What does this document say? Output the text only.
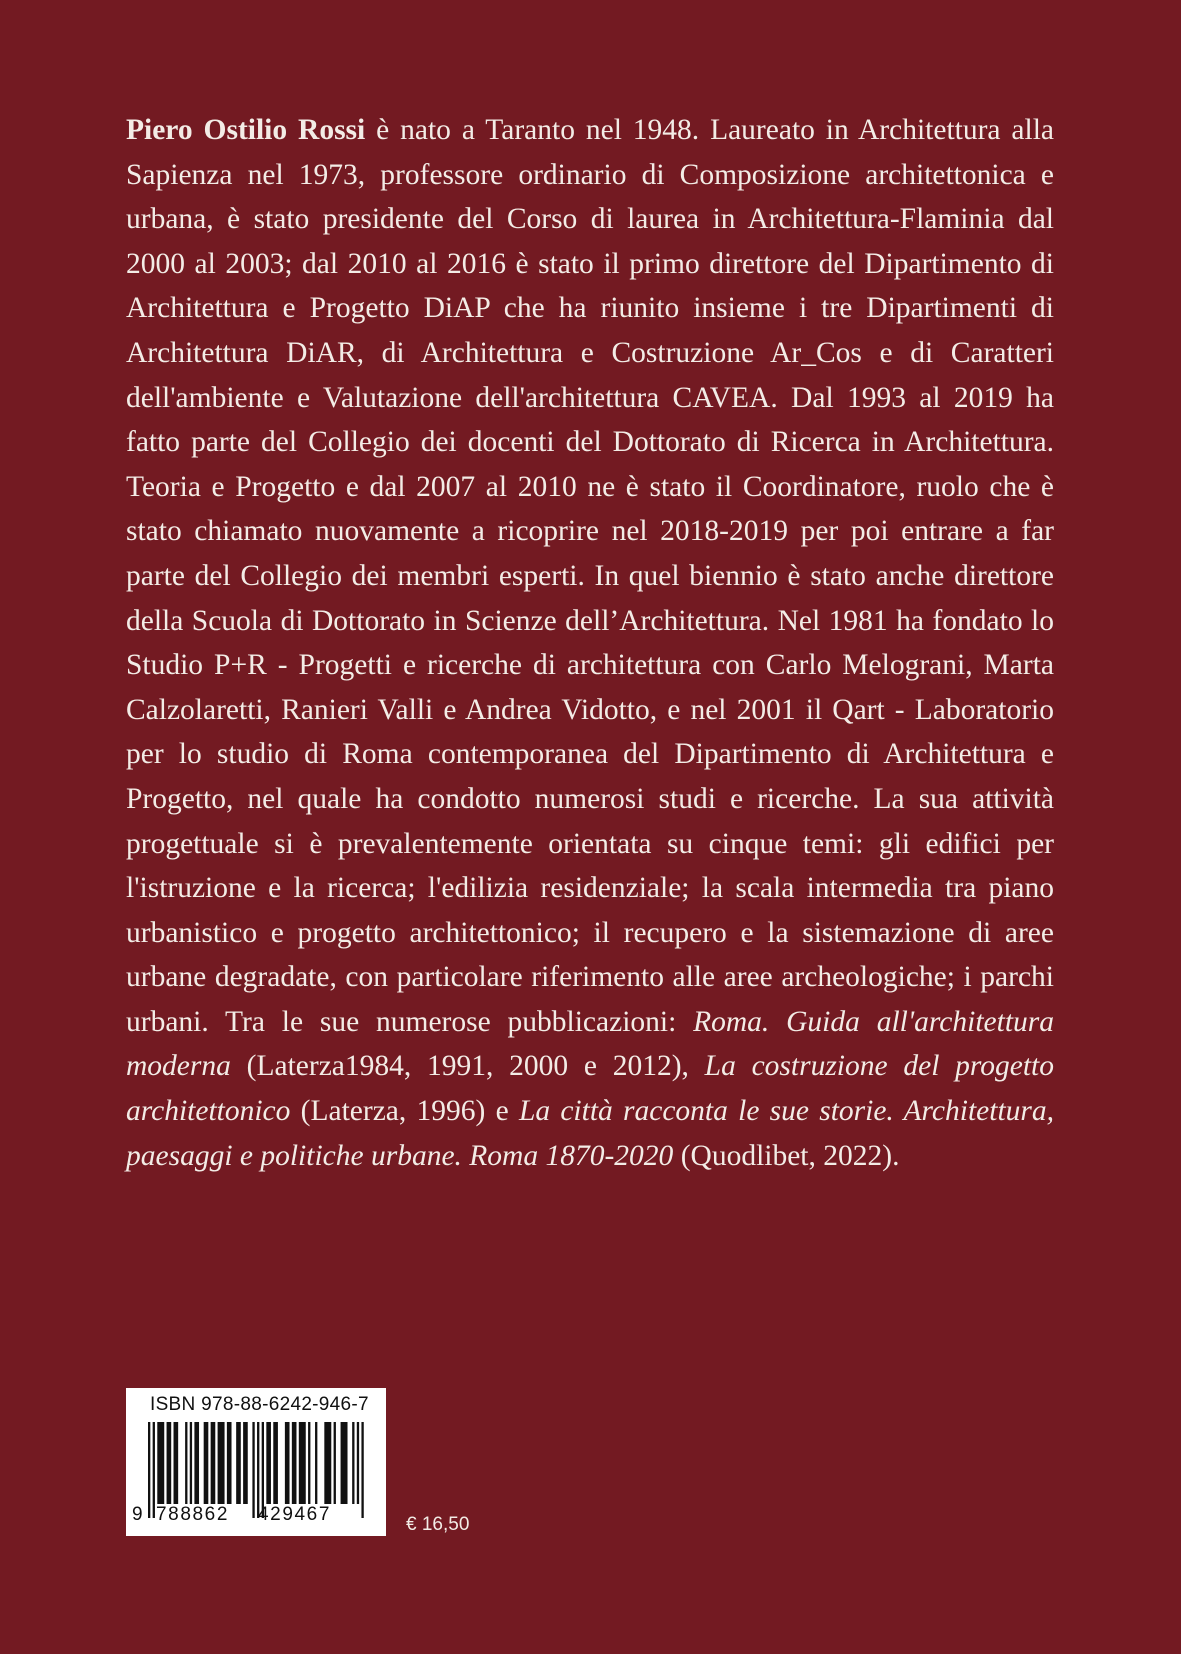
Piero Ostilio Rossi è nato a Taranto nel 1948. Laureato in Architettura alla Sapienza nel 1973, professore ordinario di Composizione architettonica e urbana, è stato presidente del Corso di laurea in Architettura-Flaminia dal 2000 al 2003; dal 2010 al 2016 è stato il primo direttore del Dipartimento di Architettura e Progetto DiAP che ha riunito insieme i tre Dipartimenti di Architettura DiAR, di Architettura e Costruzione Ar_Cos e di Caratteri dell'ambiente e Valutazione dell'architettura CAVEA. Dal 1993 al 2019 ha fatto parte del Collegio dei docenti del Dottorato di Ricerca in Architettura. Teoria e Progetto e dal 2007 al 2010 ne è stato il Coordinatore, ruolo che è stato chiamato nuovamente a ricoprire nel 2018-2019 per poi entrare a far parte del Collegio dei membri esperti. In quel biennio è stato anche direttore della Scuola di Dottorato in Scienze dell’Architettura. Nel 1981 ha fondato lo Studio P+R - Progetti e ricerche di architettura con Carlo Melograni, Marta Calzolaretti, Ranieri Valli e Andrea Vidotto, e nel 2001 il Qart - Laboratorio per lo studio di Roma contemporanea del Dipartimento di Architettura e Progetto, nel quale ha condotto numerosi studi e ricerche. La sua attività progettuale si è prevalentemente orientata su cinque temi: gli edifici per l'istruzione e la ricerca; l'edilizia residenziale; la scala intermedia tra piano urbanistico e progetto architettonico; il recupero e la sistemazione di aree urbane degradate, con particolare riferimento alle aree archeologiche; i parchi urbani. Tra le sue numerose pubblicazioni: Roma. Guida all'architettura moderna (Laterza1984, 1991, 2000 e 2012), La costruzione del progetto architettonico (Laterza, 1996) e La città racconta le sue storie. Architettura, paesaggi e politiche urbane. Roma 1870-2020 (Quodlibet, 2022).

ISBN 978-88-6242-946-7
9 788862 429467	€ 16,50
